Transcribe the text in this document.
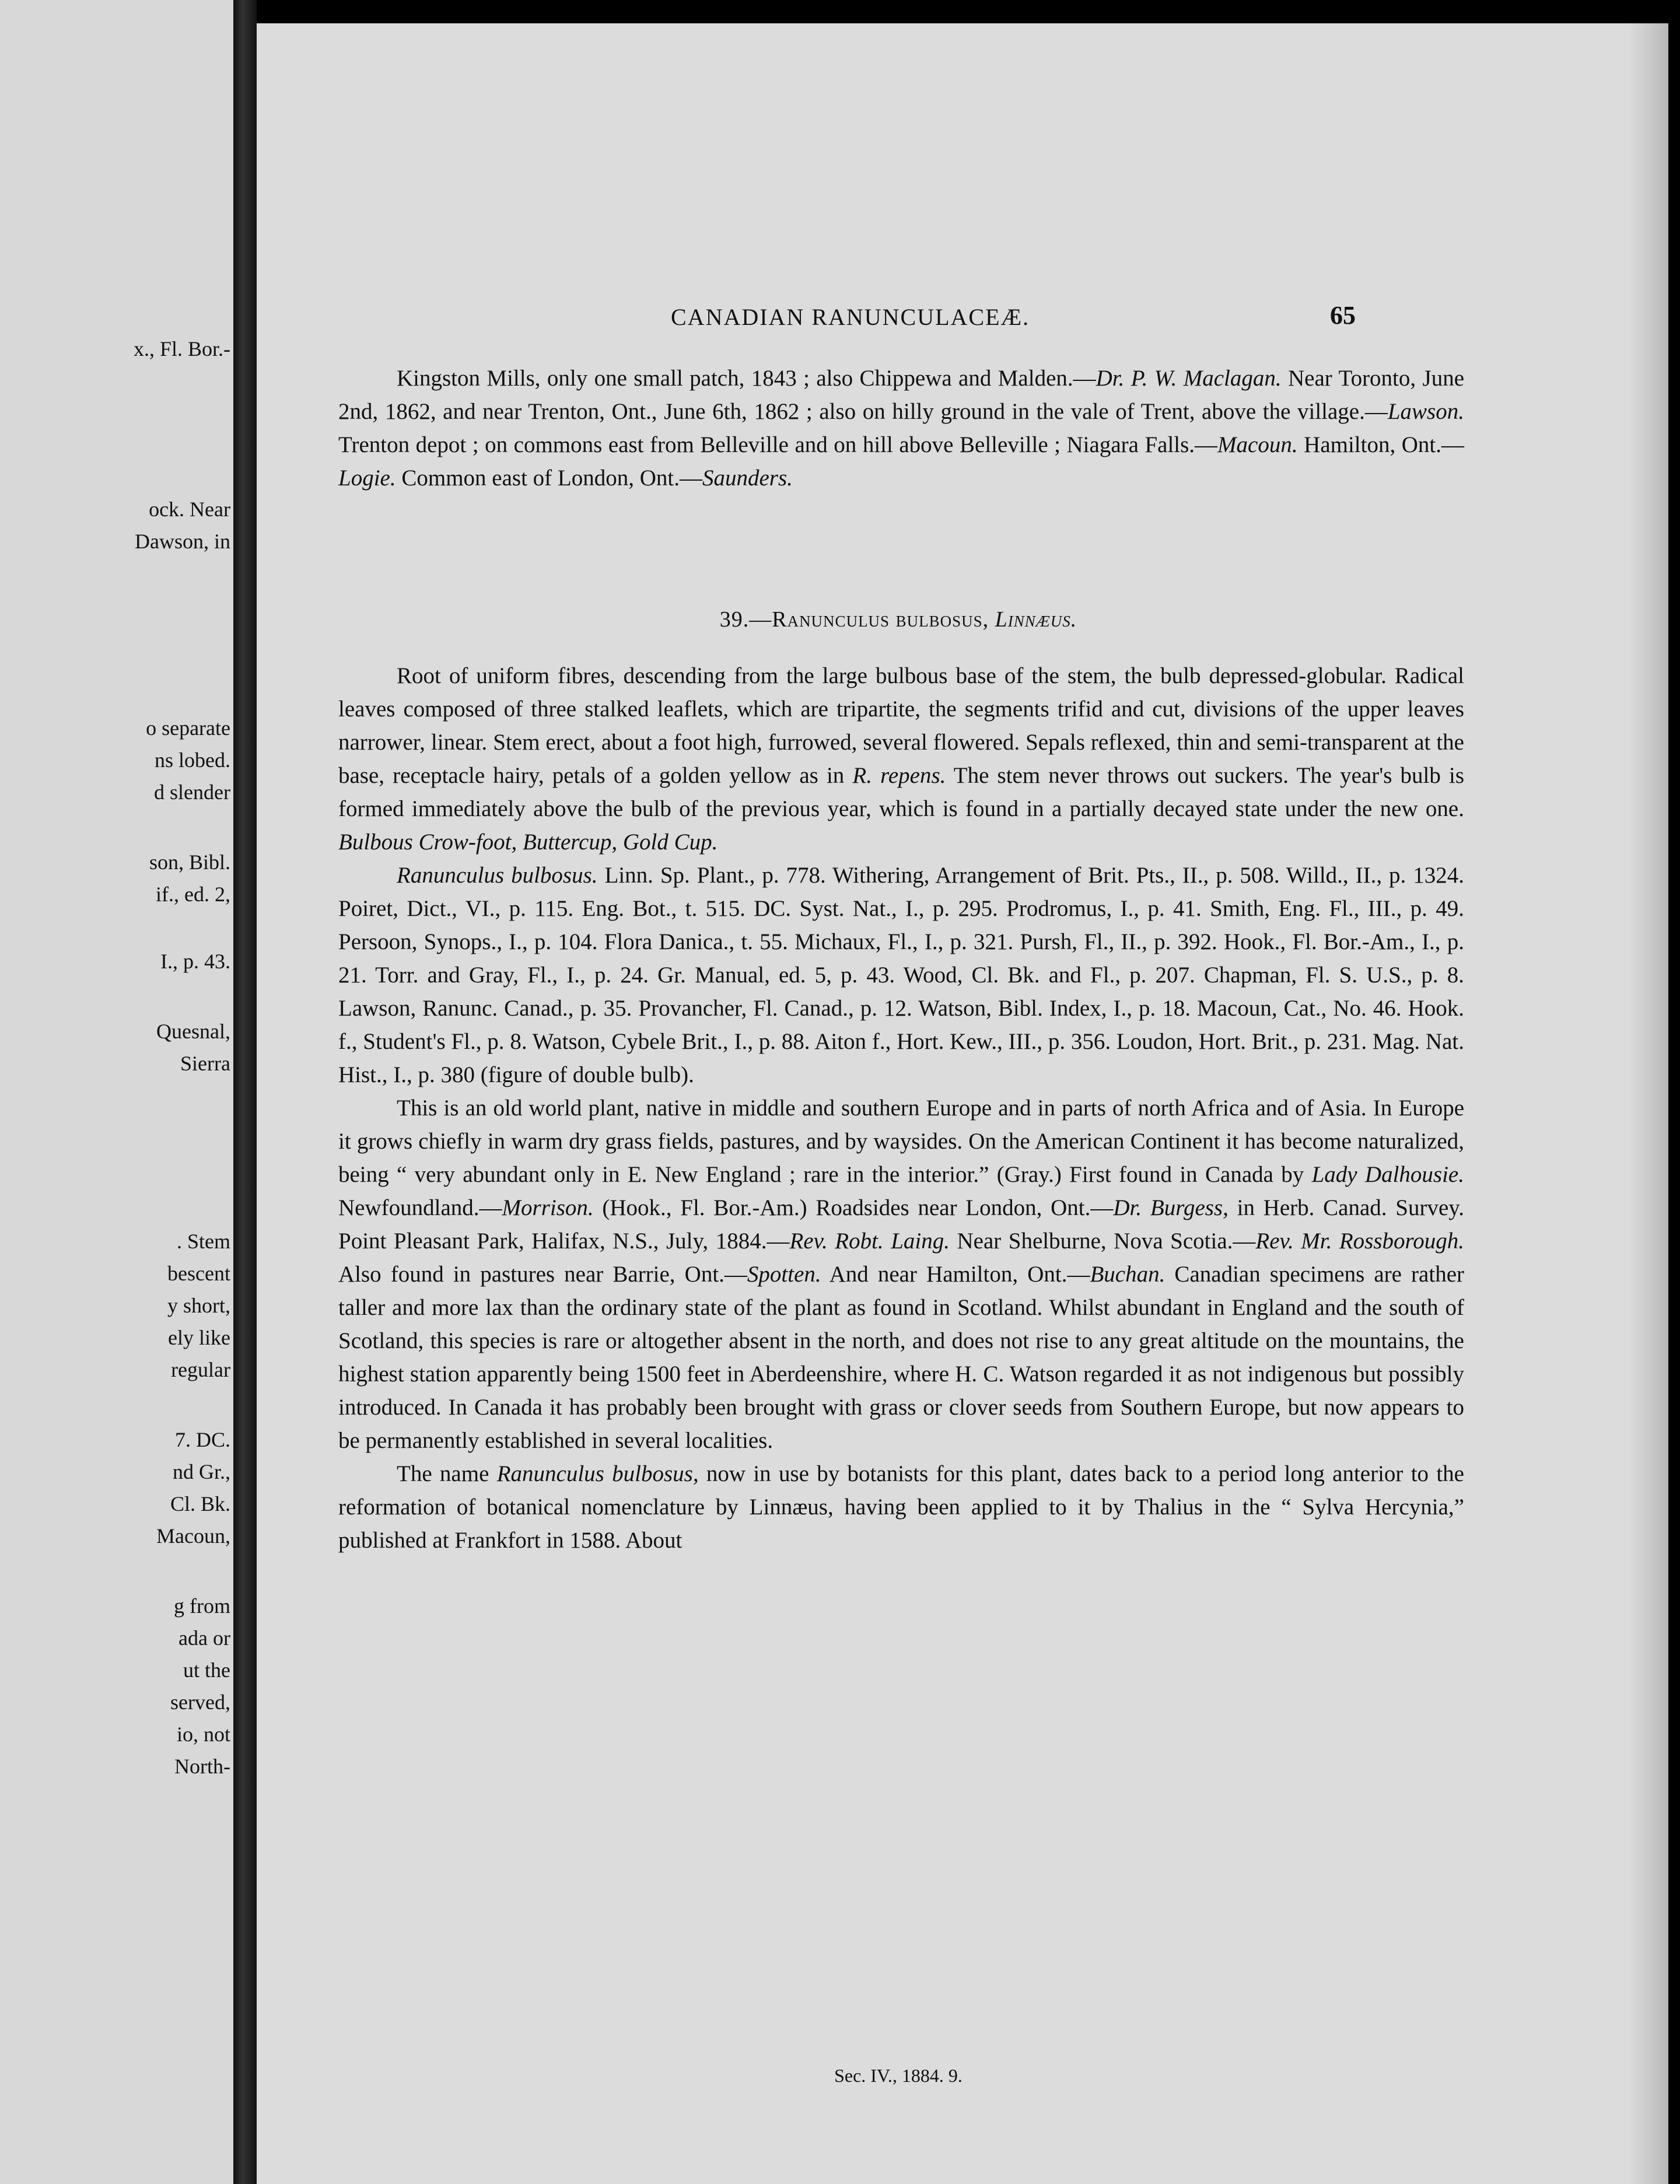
x., Fl. Bor.-
ock. Near
Dawson, in
o separate
ns lobed.
d slender
son, Bibl.
if., ed. 2,
I., p. 43.
Quesnal,
Sierra
. Stem
bescent
y short,
ely like
regular
7. DC.
nd Gr.,
Cl. Bk.
Macoun,
g from
ada or
ut the
served,
io, not
North-
CANADIAN RANUNCULACEÆ.	65

Kingston Mills, only one small patch, 1843 ; also Chippewa and Malden.—Dr. P. W. Maclagan. Near Toronto, June 2nd, 1862, and near Trenton, Ont., June 6th, 1862 ; also on hilly ground in the vale of Trent, above the village.—Lawson. Trenton depot ; on commons east from Belleville and on hill above Belleville ; Niagara Falls.—Macoun. Hamilton, Ont.—Logie. Common east of London, Ont.—Saunders.

39.—Ranunculus bulbosus, Linnæus.

Root of uniform fibres, descending from the large bulbous base of the stem, the bulb depressed-globular. Radical leaves composed of three stalked leaflets, which are tripartite, the segments trifid and cut, divisions of the upper leaves narrower, linear. Stem erect, about a foot high, furrowed, several flowered. Sepals reflexed, thin and semi-transparent at the base, receptacle hairy, petals of a golden yellow as in R. repens. The stem never throws out suckers. The year's bulb is formed immediately above the bulb of the previous year, which is found in a partially decayed state under the new one. Bulbous Crow-foot, Buttercup, Gold Cup.

Ranunculus bulbosus. Linn. Sp. Plant., p. 778. Withering, Arrangement of Brit. Pts., II., p. 508. Willd., II., p. 1324. Poiret, Dict., VI., p. 115. Eng. Bot., t. 515. DC. Syst. Nat., I., p. 295. Prodromus, I., p. 41. Smith, Eng. Fl., III., p. 49. Persoon, Synops., I., p. 104. Flora Danica., t. 55. Michaux, Fl., I., p. 321. Pursh, Fl., II., p. 392. Hook., Fl. Bor.-Am., I., p. 21. Torr. and Gray, Fl., I., p. 24. Gr. Manual, ed. 5, p. 43. Wood, Cl. Bk. and Fl., p. 207. Chapman, Fl. S. U.S., p. 8. Lawson, Ranunc. Canad., p. 35. Provancher, Fl. Canad., p. 12. Watson, Bibl. Index, I., p. 18. Macoun, Cat., No. 46. Hook. f., Student's Fl., p. 8. Watson, Cybele Brit., I., p. 88. Aiton f., Hort. Kew., III., p. 356. Loudon, Hort. Brit., p. 231. Mag. Nat. Hist., I., p. 380 (figure of double bulb).

This is an old world plant, native in middle and southern Europe and in parts of north Africa and of Asia. In Europe it grows chiefly in warm dry grass fields, pastures, and by waysides. On the American Continent it has become naturalized, being “ very abundant only in E. New England ; rare in the interior.” (Gray.) First found in Canada by Lady Dalhousie. Newfoundland.—Morrison. (Hook., Fl. Bor.-Am.) Roadsides near London, Ont.—Dr. Burgess, in Herb. Canad. Survey. Point Pleasant Park, Halifax, N.S., July, 1884.—Rev. Robt. Laing. Near Shelburne, Nova Scotia.—Rev. Mr. Rossborough. Also found in pastures near Barrie, Ont.—Spotten. And near Hamilton, Ont.—Buchan. Canadian specimens are rather taller and more lax than the ordinary state of the plant as found in Scotland. Whilst abundant in England and the south of Scotland, this species is rare or altogether absent in the north, and does not rise to any great altitude on the mountains, the highest station apparently being 1500 feet in Aberdeenshire, where H. C. Watson regarded it as not indigenous but possibly introduced. In Canada it has probably been brought with grass or clover seeds from Southern Europe, but now appears to be permanently established in several localities.

The name Ranunculus bulbosus, now in use by botanists for this plant, dates back to a period long anterior to the reformation of botanical nomenclature by Linnæus, having been applied to it by Thalius in the “ Sylva Hercynia,” published at Frankfort in 1588. About

Sec. IV., 1884. 9.
